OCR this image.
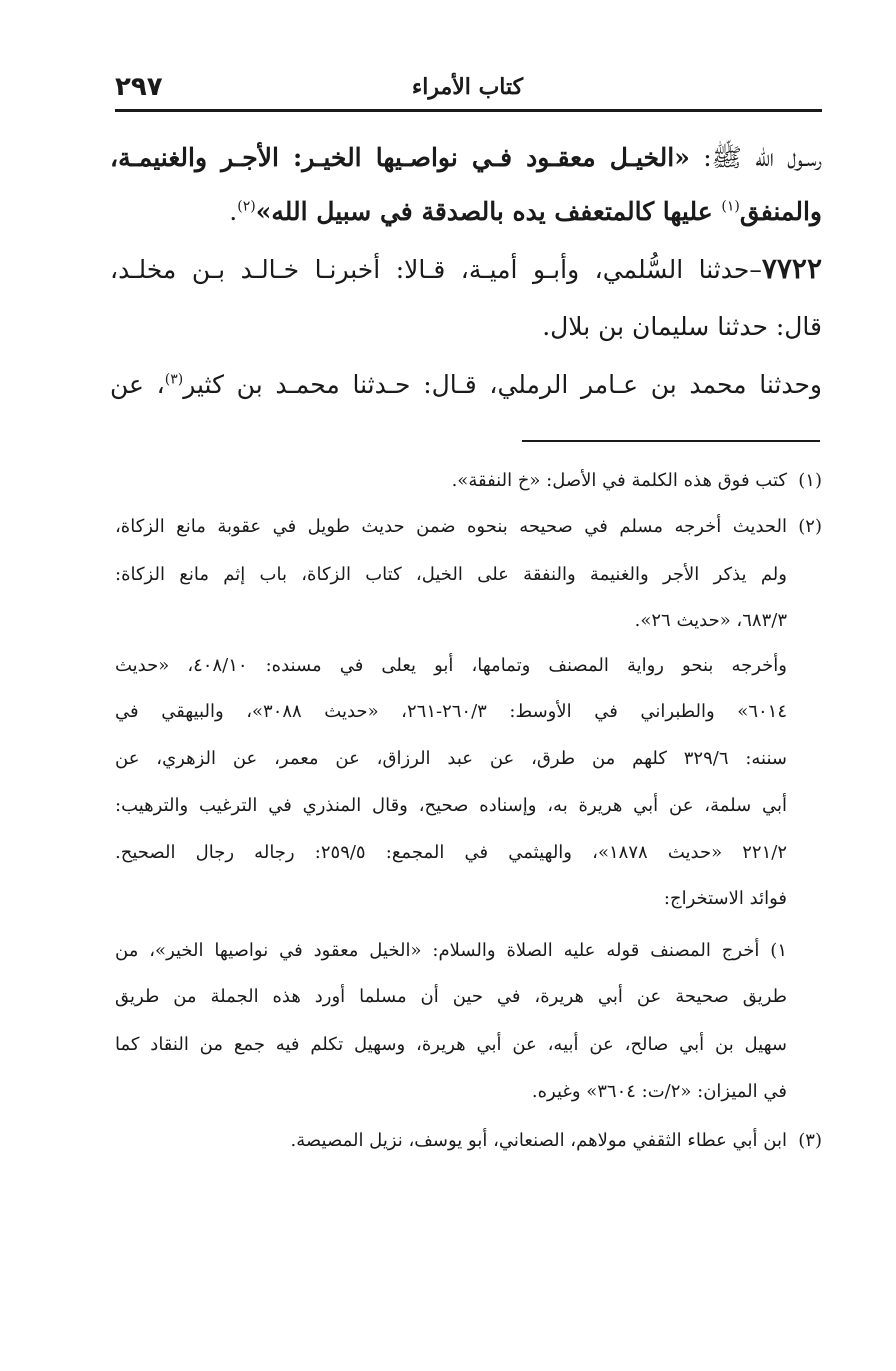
٢٩٧	كتاب الأمراء
رسـول الله ﷺ: «الخيـل معقـود فـي نواصـيها الخيـر: الأجـر والغنيمـة،
والمنفق$^{(١)}$ عليها كالمتعفف يده بالصدقة في سبيل الله»$^{(٢)}$.
٧٧٢٢–حدثنا السُّلمي، وأبـو أميـة، قـالا: أخبرنـا خـالـد بـن مخلـد،
قال: حدثنا سليمان بن بلال.
وحدثنا محمد بن عـامر الرملي، قـال: حـدثنا محمـد بن كثير$^{(٣)}$، عن
(١)كتب فوق هذه الكلمة في الأصل: «خ النفقة».
(٢)الحديث أخرجه مسلم في صحيحه بنحوه ضمن حديث طويل في عقوبة مانع الزكاة،
ولم يذكر الأجر والغنيمة والنفقة على الخيل، كتاب الزكاة، باب إثم مانع الزكاة:
٦٨٣/٣، «حديث ٢٦».
وأخرجه بنحو رواية المصنف وتمامها، أبو يعلى في مسنده: ٤٠٨/١٠، «حديث
٦٠١٤» والطبراني في الأوسط: ٢٦٠/٣-٢٦١، «حديث ٣٠٨٨»، والبيهقي في
سننه: ٣٢٩/٦ كلهم من طرق، عن عبد الرزاق، عن معمر، عن الزهري، عن
أبي سلمة، عن أبي هريرة به، وإسناده صحيح، وقال المنذري في الترغيب والترهيب:
٢٢١/٢ «حديث ١٨٧٨»، والهيثمي في المجمع: ٢٥٩/٥: رجاله رجال الصحيح.
فوائد الاستخراج:
١) أخرج المصنف قوله عليه الصلاة والسلام: «الخيل معقود في نواصيها الخير»، من
طريق صحيحة عن أبي هريرة، في حين أن مسلما أورد هذه الجملة من طريق
سهيل بن أبي صالح، عن أبيه، عن أبي هريرة، وسهيل تكلم فيه جمع من النقاد كما
في الميزان: «٢/ت: ٣٦٠٤» وغيره.
(٣)ابن أبي عطاء الثقفي مولاهم، الصنعاني، أبو يوسف، نزيل المصيصة.
